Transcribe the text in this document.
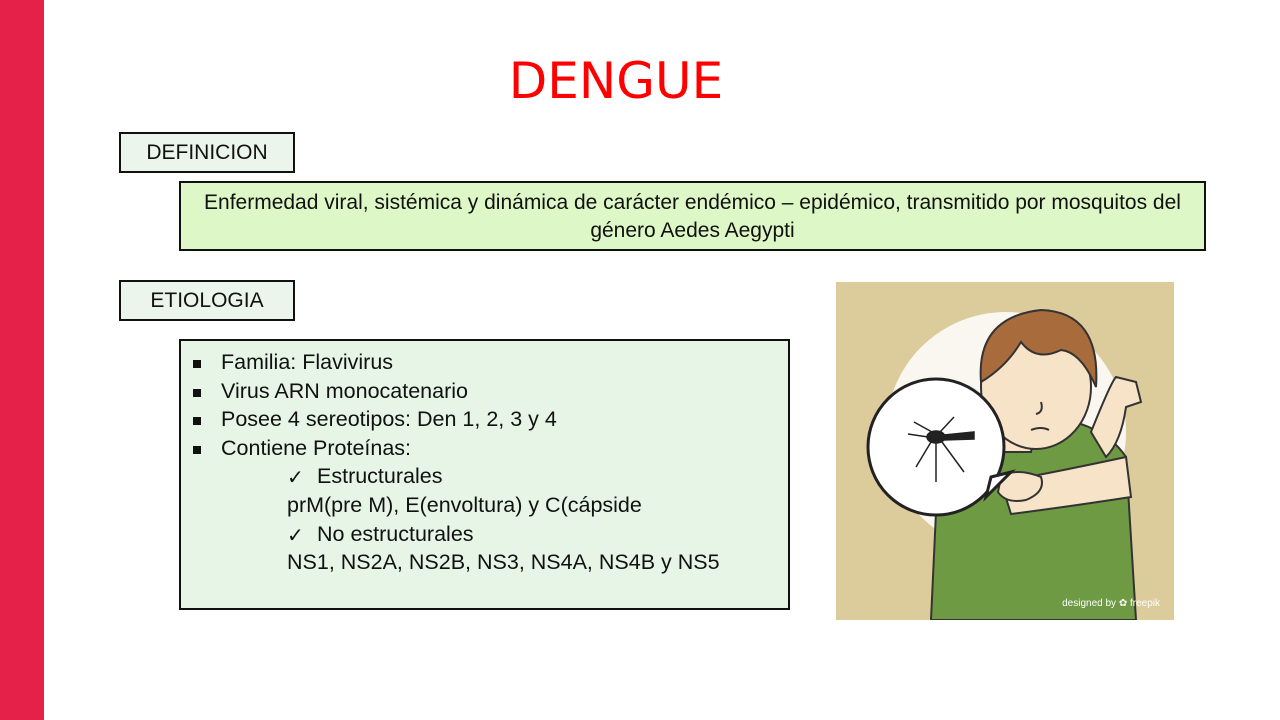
DENGUE
DEFINICION
Enfermedad viral, sistémica y dinámica de carácter endémico – epidémico, transmitido por mosquitos del género Aedes Aegypti
ETIOLOGIA
Familia: Flavivirus
Virus ARN monocatenario
Posee 4 sereotipos: Den 1, 2, 3 y 4
Contiene Proteínas:
✓ Estructurales
prM(pre M), E(envoltura) y C(cápside
✓ No estructurales
NS1, NS2A, NS2B, NS3, NS4A, NS4B y NS5
designed by ✿ freepik
